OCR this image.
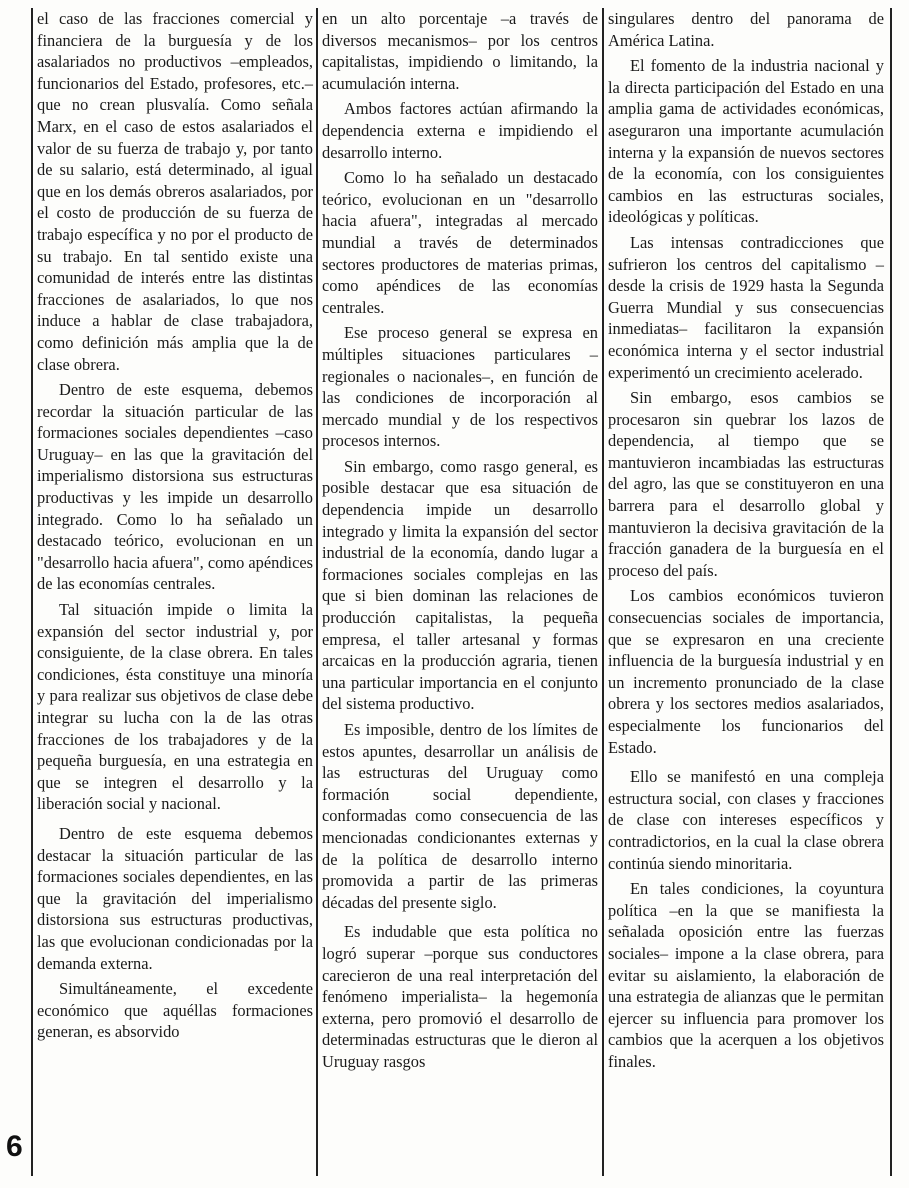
6

el caso de las fracciones comercial y financiera de la burguesía y de los asalariados no productivos –empleados, funcionarios del Estado, profesores, etc.– que no crean plusvalía. Como señala Marx, en el caso de estos asalariados el valor de su fuerza de trabajo y, por tanto de su salario, está determinado, al igual que en los demás obreros asalariados, por el costo de producción de su fuerza de trabajo específica y no por el producto de su trabajo. En tal sentido existe una comunidad de interés entre las distintas fracciones de asalariados, lo que nos induce a hablar de clase trabajadora, como definición más amplia que la de clase obrera.

Dentro de este esquema, debemos recordar la situación particular de las formaciones sociales dependientes –caso Uruguay– en las que la gravitación del imperialismo distorsiona sus estructuras productivas y les impide un desarrollo integrado. Como lo ha señalado un destacado teórico, evolucionan en un "desarrollo hacia afuera", como apéndices de las economías centrales.

Tal situación impide o limita la expansión del sector industrial y, por consiguiente, de la clase obrera. En tales condiciones, ésta constituye una minoría y para realizar sus objetivos de clase debe integrar su lucha con la de las otras fracciones de los trabajadores y de la pequeña burguesía, en una estrategia en que se integren el desarrollo y la liberación social y nacional.

Dentro de este esquema debemos destacar la situación particular de las formaciones sociales dependientes, en las que la gravitación del imperialismo distorsiona sus estructuras productivas, las que evolucionan condicionadas por la demanda externa.

Simultáneamente, el excedente económico que aquéllas formaciones generan, es absorvido

en un alto porcentaje –a través de diversos mecanismos– por los centros capitalistas, impidiendo o limitando, la acumulación interna.

Ambos factores actúan afirmando la dependencia externa e impidiendo el desarrollo interno.

Como lo ha señalado un destacado teórico, evolucionan en un "desarrollo hacia afuera", integradas al mercado mundial a través de determinados sectores productores de materias primas, como apéndices de las economías centrales.

Ese proceso general se expresa en múltiples situaciones particulares –regionales o nacionales–, en función de las condiciones de incorporación al mercado mundial y de los respectivos procesos internos.

Sin embargo, como rasgo general, es posible destacar que esa situación de dependencia impide un desarrollo integrado y limita la expansión del sector industrial de la economía, dando lugar a formaciones sociales complejas en las que si bien dominan las relaciones de producción capitalistas, la pequeña empresa, el taller artesanal y formas arcaicas en la producción agraria, tienen una particular importancia en el conjunto del sistema productivo.

Es imposible, dentro de los límites de estos apuntes, desarrollar un análisis de las estructuras del Uruguay como formación social dependiente, conformadas como consecuencia de las mencionadas condicionantes externas y de la política de desarrollo interno promovida a partir de las primeras décadas del presente siglo.

Es indudable que esta política no logró superar –porque sus conductores carecieron de una real interpretación del fenómeno imperialista– la hegemonía externa, pero promovió el desarrollo de determinadas estructuras que le dieron al Uruguay rasgos

singulares dentro del panorama de América Latina.

El fomento de la industria nacional y la directa participación del Estado en una amplia gama de actividades económicas, aseguraron una importante acumulación interna y la expansión de nuevos sectores de la economía, con los consiguientes cambios en las estructuras sociales, ideológicas y políticas.

Las intensas contradicciones que sufrieron los centros del capitalismo –desde la crisis de 1929 hasta la Segunda Guerra Mundial y sus consecuencias inmediatas– facilitaron la expansión económica interna y el sector industrial experimentó un crecimiento acelerado.

Sin embargo, esos cambios se procesaron sin quebrar los lazos de dependencia, al tiempo que se mantuvieron incambiadas las estructuras del agro, las que se constituyeron en una barrera para el desarrollo global y mantuvieron la decisiva gravitación de la fracción ganadera de la burguesía en el proceso del país.

Los cambios económicos tuvieron consecuencias sociales de importancia, que se expresaron en una creciente influencia de la burguesía industrial y en un incremento pronunciado de la clase obrera y los sectores medios asalariados, especialmente los funcionarios del Estado.

Ello se manifestó en una compleja estructura social, con clases y fracciones de clase con intereses específicos y contradictorios, en la cual la clase obrera continúa siendo minoritaria.

En tales condiciones, la coyuntura política –en la que se manifiesta la señalada oposición entre las fuerzas sociales– impone a la clase obrera, para evitar su aislamiento, la elaboración de una estrategia de alianzas que le permitan ejercer su influencia para promover los cambios que la acerquen a los objetivos finales.
